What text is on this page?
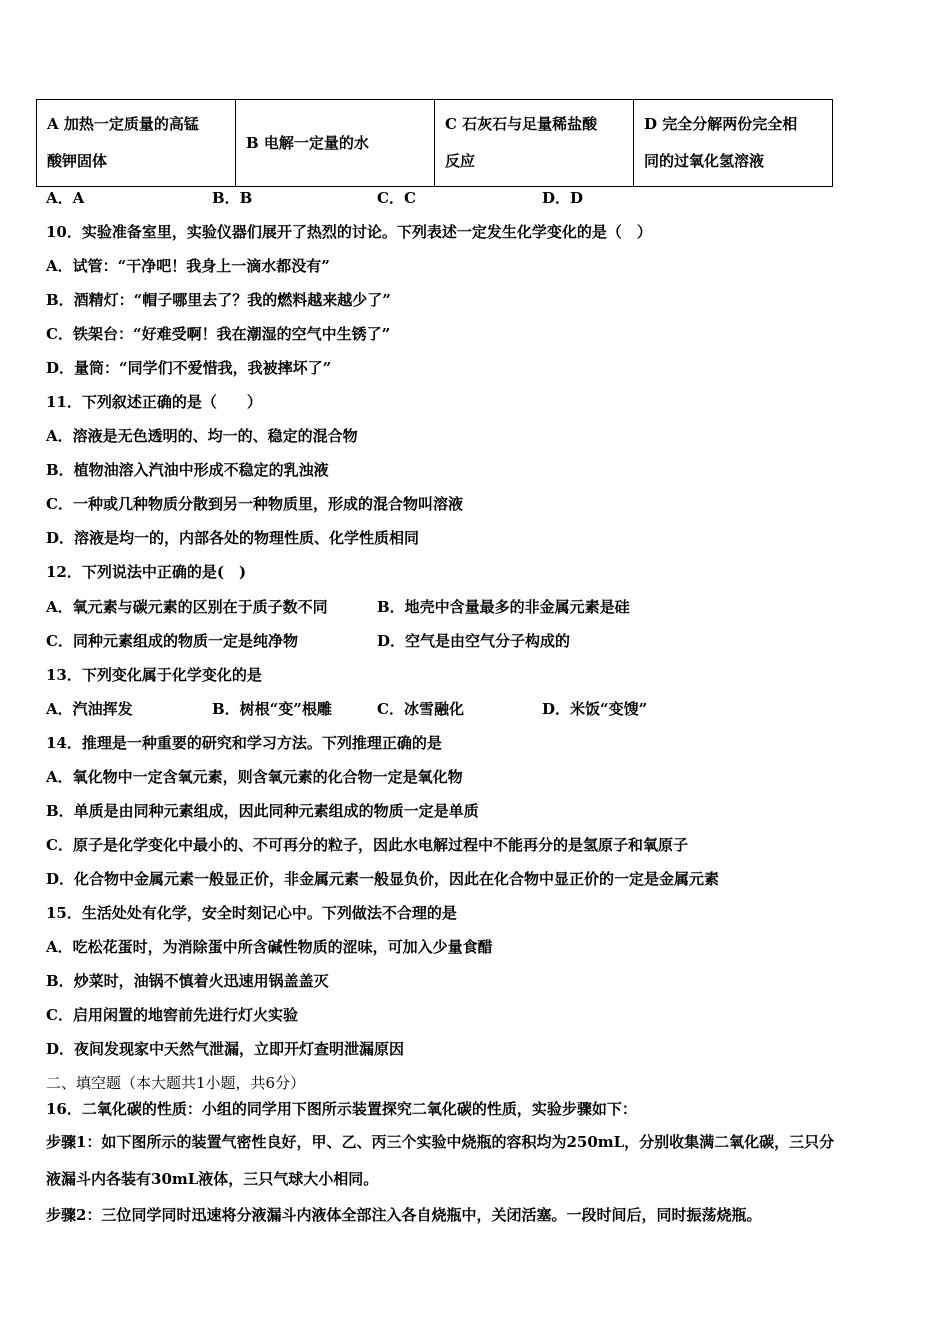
A 加热一定质量的高锰
酸钾固体

B 电解一定量的水

C 石灰石与足量稀盐酸
反应

D 完全分解两份完全相
同的过氧化氢溶液
A．A	B．B	C．C	D．D
10．实验准备室里，实验仪器们展开了热烈的讨论。下列表述一定发生化学变化的是（　）
A．试管：“干净吧！我身上一滴水都没有”
B．酒精灯：“帽子哪里去了？我的燃料越来越少了”
C．铁架台：“好难受啊！我在潮湿的空气中生锈了”
D．量筒：“同学们不爱惜我，我被摔坏了”
11．下列叙述正确的是（　　）
A．溶液是无色透明的、均一的、稳定的混合物
B．植物油溶入汽油中形成不稳定的乳浊液
C．一种或几种物质分散到另一种物质里，形成的混合物叫溶液
D．溶液是均一的，内部各处的物理性质、化学性质相同
12．下列说法中正确的是(　)
A．氧元素与碳元素的区别在于质子数不同	B．地壳中含量最多的非金属元素是硅
C．同种元素组成的物质一定是纯净物	D．空气是由空气分子构成的
13．下列变化属于化学变化的是
A．汽油挥发	B．树根“变”根雕	C．冰雪融化	D．米饭“变馊”
14．推理是一种重要的研究和学习方法。下列推理正确的是
A．氧化物中一定含氧元素，则含氧元素的化合物一定是氧化物
B．单质是由同种元素组成，因此同种元素组成的物质一定是单质
C．原子是化学变化中最小的、不可再分的粒子，因此水电解过程中不能再分的是氢原子和氧原子
D．化合物中金属元素一般显正价，非金属元素一般显负价，因此在化合物中显正价的一定是金属元素
15．生活处处有化学，安全时刻记心中。下列做法不合理的是
A．吃松花蛋时，为消除蛋中所含碱性物质的涩味，可加入少量食醋
B．炒菜时，油锅不慎着火迅速用锅盖盖灭
C．启用闲置的地窖前先进行灯火实验
D．夜间发现家中天然气泄漏，立即开灯查明泄漏原因
二、填空题（本大题共1小题，共6分）
16．二氧化碳的性质：小组的同学用下图所示装置探究二氧化碳的性质，实验步骤如下：
步骤1：如下图所示的装置气密性良好，甲、乙、丙三个实验中烧瓶的容积均为250mL，分别收集满二氧化碳，三只分
液漏斗内各装有30mL液体，三只气球大小相同。
步骤2：三位同学同时迅速将分液漏斗内液体全部注入各自烧瓶中，关闭活塞。一段时间后，同时振荡烧瓶。
